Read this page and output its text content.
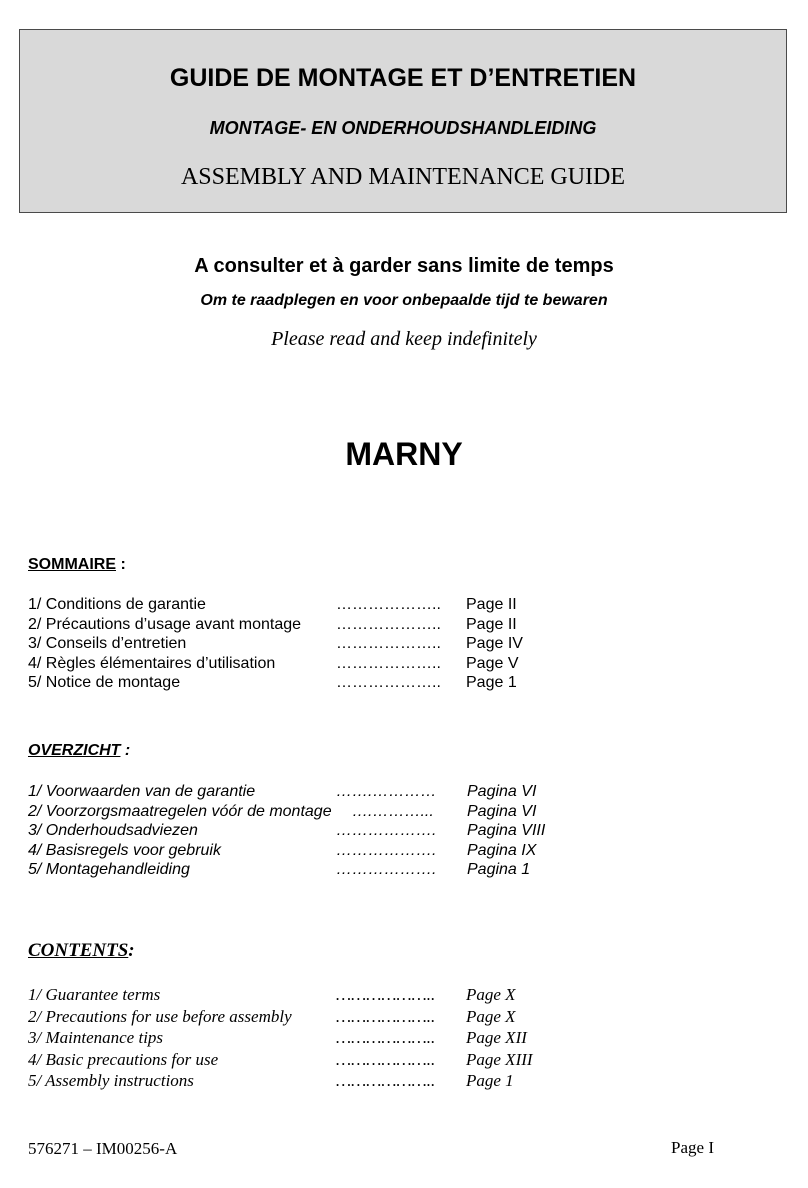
GUIDE DE MONTAGE ET D’ENTRETIEN
MONTAGE- EN ONDERHOUDSHANDLEIDING
ASSEMBLY AND MAINTENANCE GUIDE
A consulter et à garder sans limite de temps
Om te raadplegen en voor onbepaalde tijd te bewaren
Please read and keep indefinitely
MARNY
SOMMAIRE :
1/ Conditions de garantie	……………….. Page II
2/ Précautions d’usage avant montage ……………….. Page II
3/ Conseils d’entretien	……………….. Page IV
4/ Règles élémentaires d’utilisation	……………….. Page V
5/ Notice de montage	……………….. Page 1
OVERZICHT :
1/ Voorwaarden van de garantie	…….………… Pagina VI
2/ Voorzorgsmaatregelen vóór de montage ….………... Pagina VI
3/ Onderhoudsadviezen	………………. Pagina VIII
4/ Basisregels voor gebruik	………………. Pagina IX
5/ Montagehandleiding	………………. Pagina 1
CONTENTS:
1/ Guarantee terms	……………….. Page X
2/ Precautions for use before assembly	……………….. Page X
3/ Maintenance tips	……………….. Page XII
4/ Basic precautions for use	……………….. Page XIII
5/ Assembly instructions	……………….. Page 1
576271 – IM00256-A	Page I
